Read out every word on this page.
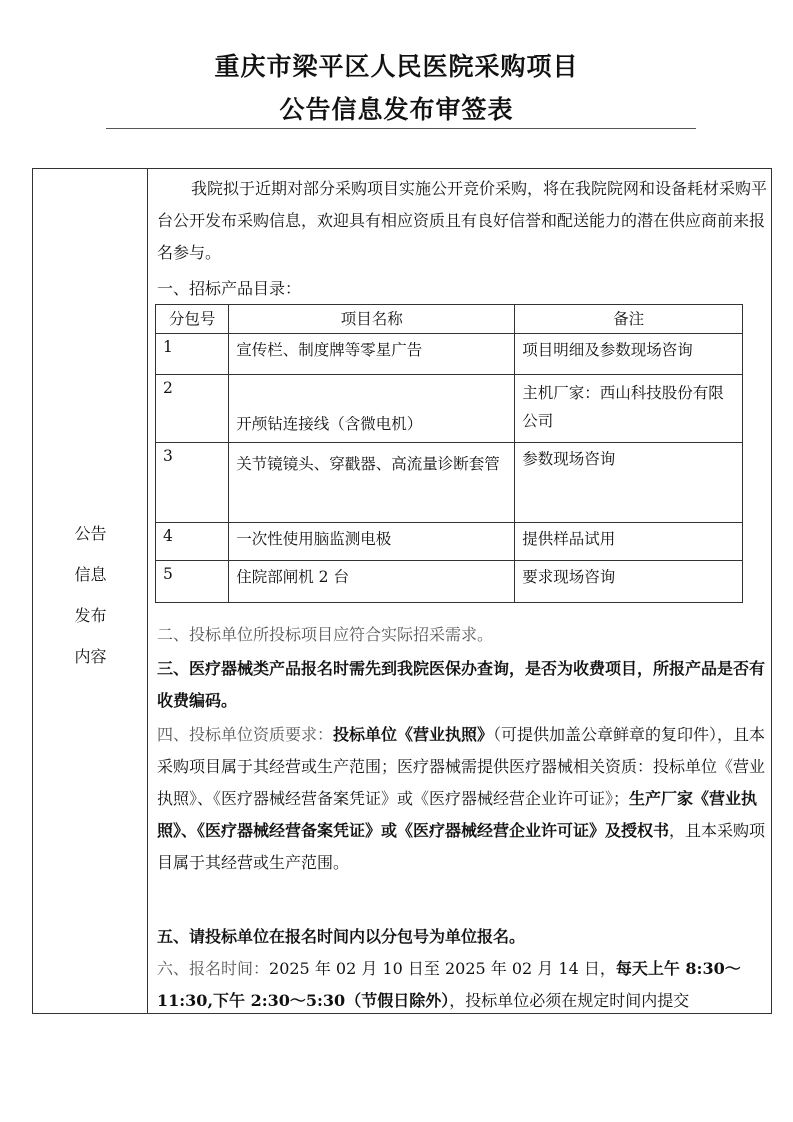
重庆市梁平区人民医院采购项目
公告信息发布审签表
公告
信息
发布
内容

我院拟于近期对部分采购项目实施公开竞价采购，将在我院院网和设备耗材采购平台公开发布采购信息，欢迎具有相应资质且有良好信誉和配送能力的潜在供应商前来报名参与。

一、招标产品目录：

分包号	项目名称	备注
1	宣传栏、制度牌等零星广告	项目明细及参数现场咨询
2	开颅钻连接线（含微电机）	主机厂家：西山科技股份有限公司
3	关节镜镜头、穿戳器、高流量诊断套管	参数现场咨询
4	一次性使用脑监测电极	提供样品试用
5	住院部闸机 2 台	要求现场咨询

二、投标单位所投标项目应符合实际招采需求。

三、医疗器械类产品报名时需先到我院医保办查询，是否为收费项目，所报产品是否有收费编码。

四、投标单位资质要求：投标单位《营业执照》（可提供加盖公章鲜章的复印件），且本采购项目属于其经营或生产范围；医疗器械需提供医疗器械相关资质：投标单位《营业执照》、《医疗器械经营备案凭证》或《医疗器械经营企业许可证》；生产厂家《营业执照》、《医疗器械经营备案凭证》或《医疗器械经营企业许可证》及授权书，且本采购项目属于其经营或生产范围。

五、请投标单位在报名时间内以分包号为单位报名。

六、报名时间：2025 年 02 月 10 日至 2025 年 02 月 14 日，每天上午 8:30～11:30,下午 2:30～5:30（节假日除外），投标单位必须在规定时间内提交
